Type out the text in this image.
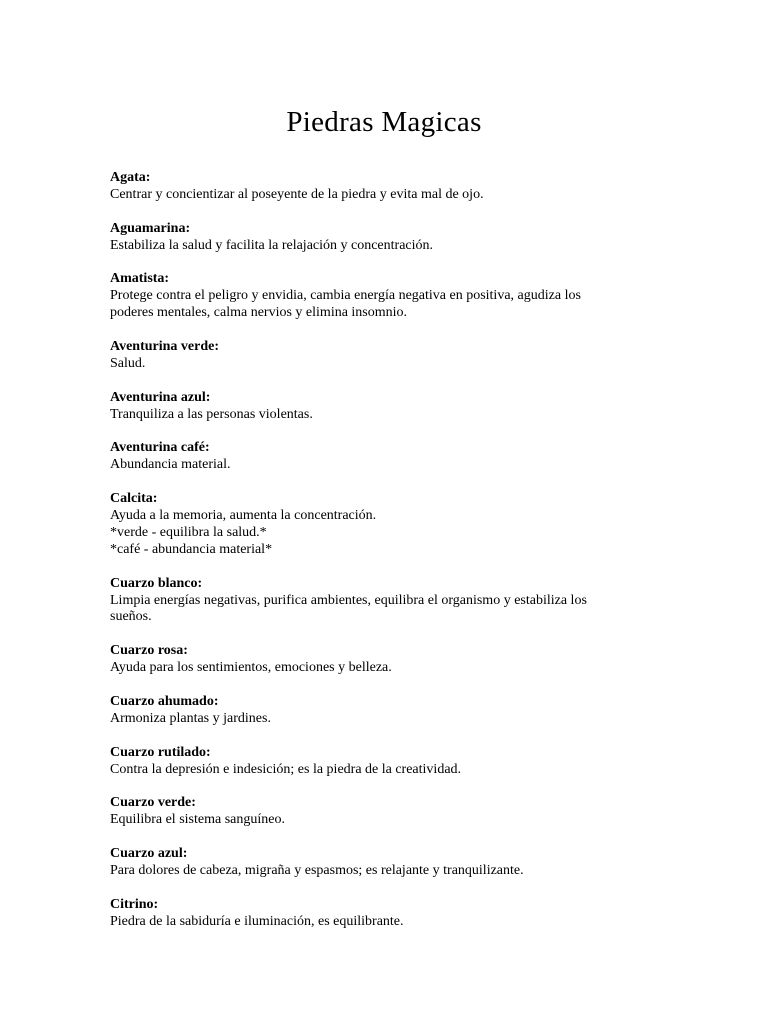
Piedras Magicas
Agata:
Centrar y concientizar al poseyente de la piedra y evita mal de ojo.
Aguamarina:
Estabiliza la salud y facilita la relajación y concentración.
Amatista:
Protege contra el peligro y envidia, cambia energía negativa en positiva, agudiza los
poderes mentales, calma nervios y elimina insomnio.
Aventurina verde:
Salud.
Aventurina azul:
Tranquiliza a las personas violentas.
Aventurina café:
Abundancia material.
Calcita:
Ayuda a la memoria, aumenta la concentración.
*verde - equilibra la salud.*
*café - abundancia material*
Cuarzo blanco:
Limpia energías negativas, purifica ambientes, equilibra el organismo y estabiliza los
sueños.
Cuarzo rosa:
Ayuda para los sentimientos, emociones y belleza.
Cuarzo ahumado:
Armoniza plantas y jardines.
Cuarzo rutilado:
Contra la depresión e indesición; es la piedra de la creatividad.
Cuarzo verde:
Equilibra el sistema sanguíneo.
Cuarzo azul:
Para dolores de cabeza, migraña y espasmos; es relajante y tranquilizante.
Citrino:
Piedra de la sabiduría e iluminación, es equilibrante.
